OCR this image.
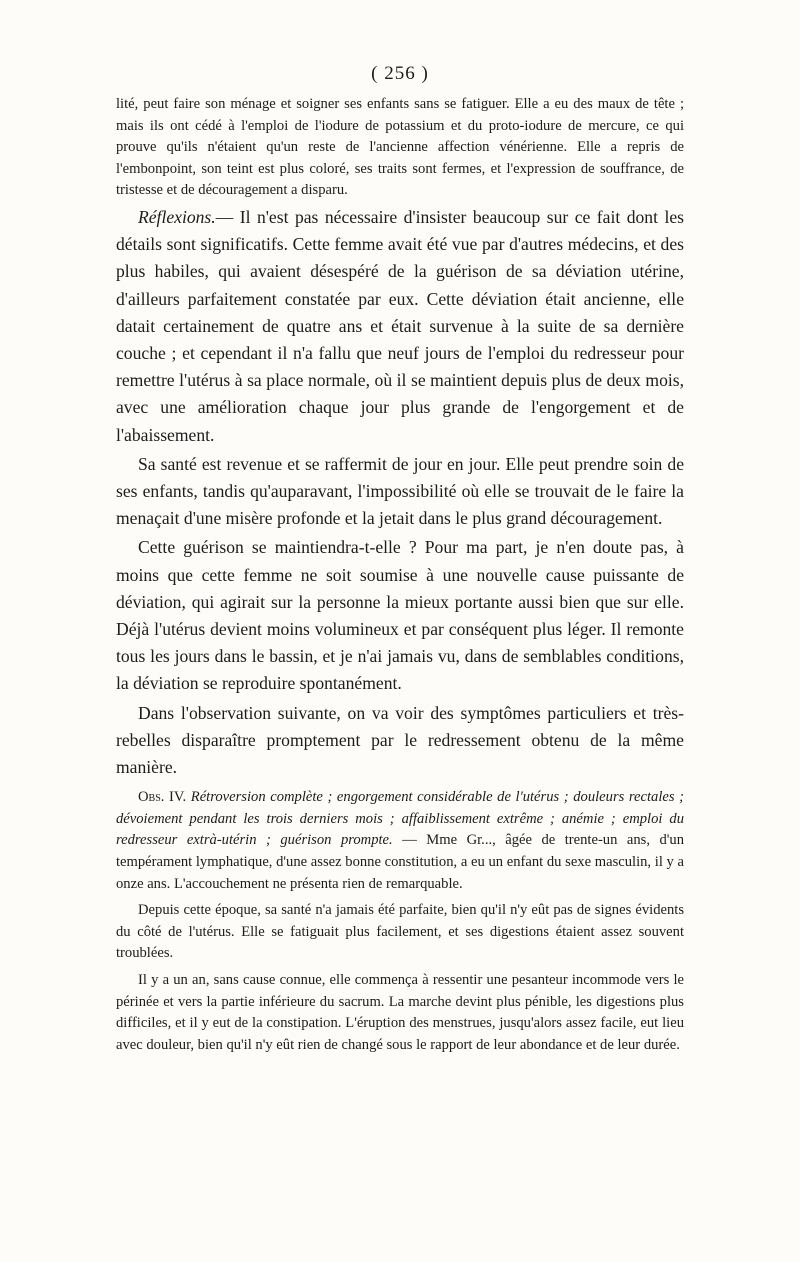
( 256 )

lité, peut faire son ménage et soigner ses enfants sans se fatiguer. Elle a eu des maux de tête ; mais ils ont cédé à l'emploi de l'iodure de potassium et du proto-iodure de mercure, ce qui prouve qu'ils n'étaient qu'un reste de l'ancienne affection vénérienne. Elle a repris de l'embonpoint, son teint est plus coloré, ses traits sont fermes, et l'expression de souffrance, de tristesse et de découragement a disparu.

Réflexions.— Il n'est pas nécessaire d'insister beaucoup sur ce fait dont les détails sont significatifs. Cette femme avait été vue par d'autres médecins, et des plus habiles, qui avaient désespéré de la guérison de sa déviation utérine, d'ailleurs parfaitement constatée par eux. Cette déviation était ancienne, elle datait certainement de quatre ans et était survenue à la suite de sa dernière couche ; et cependant il n'a fallu que neuf jours de l'emploi du redresseur pour remettre l'utérus à sa place normale, où il se maintient depuis plus de deux mois, avec une amélioration chaque jour plus grande de l'engorgement et de l'abaissement.

Sa santé est revenue et se raffermit de jour en jour. Elle peut prendre soin de ses enfants, tandis qu'auparavant, l'impossibilité où elle se trouvait de le faire la menaçait d'une misère profonde et la jetait dans le plus grand découragement.

Cette guérison se maintiendra-t-elle ? Pour ma part, je n'en doute pas, à moins que cette femme ne soit soumise à une nouvelle cause puissante de déviation, qui agirait sur la personne la mieux portante aussi bien que sur elle. Déjà l'utérus devient moins volumineux et par conséquent plus léger. Il remonte tous les jours dans le bassin, et je n'ai jamais vu, dans de semblables conditions, la déviation se reproduire spontanément.

Dans l'observation suivante, on va voir des symptômes particuliers et très-rebelles disparaître promptement par le redressement obtenu de la même manière.

Obs. IV. Rétroversion complète ; engorgement considérable de l'utérus ; douleurs rectales ; dévoiement pendant les trois derniers mois ; affaiblissement extrême ; anémie ; emploi du redresseur extrà-utérin ; guérison prompte. — Mme Gr..., âgée de trente-un ans, d'un tempérament lymphatique, d'une assez bonne constitution, a eu un enfant du sexe masculin, il y a onze ans. L'accouchement ne présenta rien de remarquable.

Depuis cette époque, sa santé n'a jamais été parfaite, bien qu'il n'y eût pas de signes évidents du côté de l'utérus. Elle se fatiguait plus facilement, et ses digestions étaient assez souvent troublées.

Il y a un an, sans cause connue, elle commença à ressentir une pesanteur incommode vers le périnée et vers la partie inférieure du sacrum. La marche devint plus pénible, les digestions plus difficiles, et il y eut de la constipation. L'éruption des menstrues, jusqu'alors assez facile, eut lieu avec douleur, bien qu'il n'y eût rien de changé sous le rapport de leur abondance et de leur durée.
